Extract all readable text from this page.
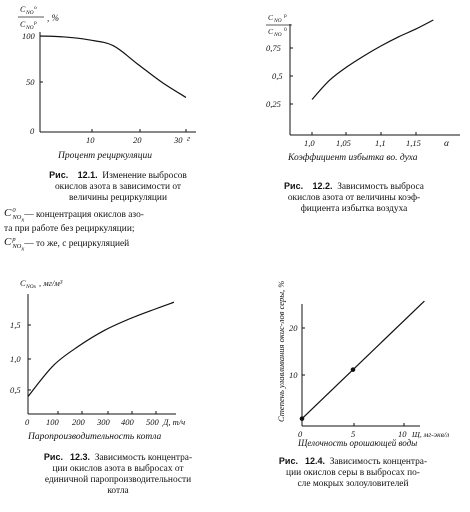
C NO
o
C NO
p , %
100
50
0
10	20	30 г
Процент рециркуляции
C NO
p
C NO
0
0,75
0,5
0,25
1,0	1,05	1,1 1,15 α
Коэффициент избытка во. духа
Рис. 12.1. Изменение выбросов
окислов азота в зависимости от
величины рециркуляции
C 0
$NO_x$
— концентрация окислов азо-
та при работе без рециркуляции;
C p
$NO_x$
— то же, с рециркуляцией
Рис. 12.2. Зависимость выброса
окислов азота от величины коэф-
фициента избытка воздуха
C NOx , мг/м³
1,5
1,0
0,5
0 100 200 300 400 500 Д, т/ч
Паропроизводительность котла
Рис. 12.3. Зависимость концентра-
ции окислов азота в выбросах от
единичной паропроизводительности
котла
Степень улавливания окис-лов серы, % 20
10
0	5	10 Щ, мг-экв/л
Щелочность орошающей воды
Рис. 12.4. Зависимость концентра-
ции окислов серы в выбросах по-
сле мокрых золоуловителей
